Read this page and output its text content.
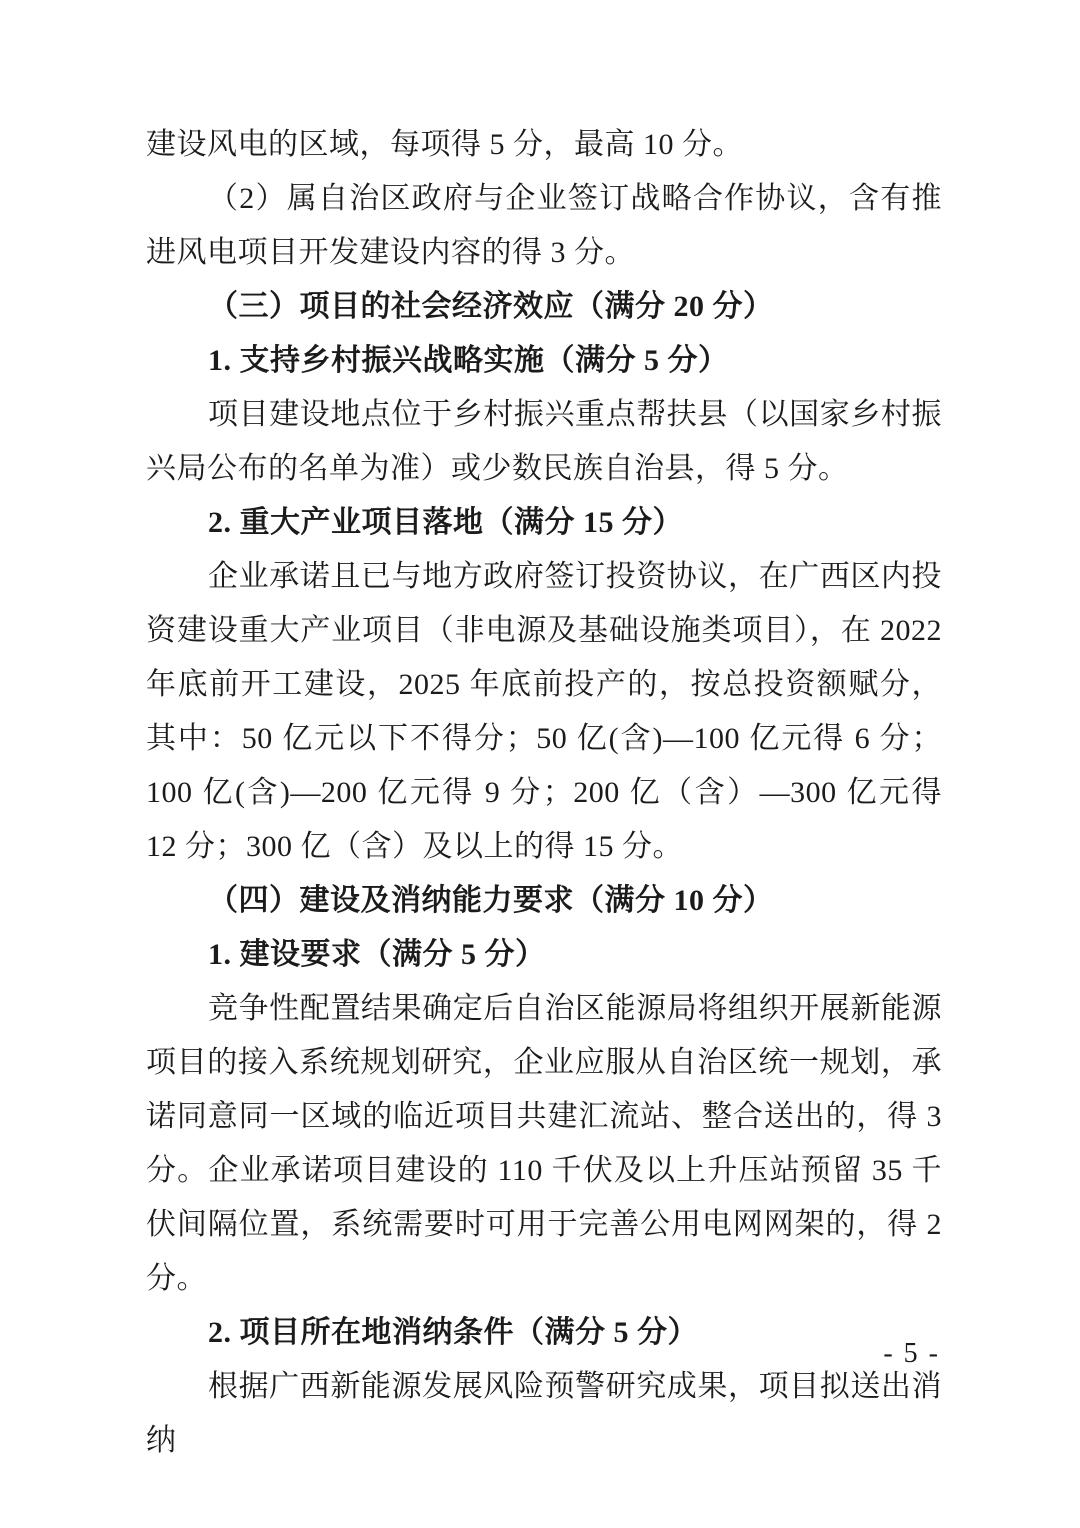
建设风电的区域，每项得 5 分，最高 10 分。

（2）属自治区政府与企业签订战略合作协议，含有推进风电项目开发建设内容的得 3 分。

（三）项目的社会经济效应（满分 20 分）

1. 支持乡村振兴战略实施（满分 5 分）

项目建设地点位于乡村振兴重点帮扶县（以国家乡村振兴局公布的名单为准）或少数民族自治县，得 5 分。

2. 重大产业项目落地（满分 15 分）

企业承诺且已与地方政府签订投资协议，在广西区内投资建设重大产业项目（非电源及基础设施类项目），在 2022 年底前开工建设，2025 年底前投产的，按总投资额赋分，其中：50 亿元以下不得分；50 亿(含)—100 亿元得 6 分；100 亿(含)—200 亿元得 9 分；200 亿（含）—300 亿元得 12 分；300 亿（含）及以上的得 15 分。

（四）建设及消纳能力要求（满分 10 分）

1. 建设要求（满分 5 分）

竞争性配置结果确定后自治区能源局将组织开展新能源项目的接入系统规划研究，企业应服从自治区统一规划，承诺同意同一区域的临近项目共建汇流站、整合送出的，得 3 分。企业承诺项目建设的 110 千伏及以上升压站预留 35 千伏间隔位置，系统需要时可用于完善公用电网网架的，得 2 分。

2. 项目所在地消纳条件（满分 5 分）

根据广西新能源发展风险预警研究成果，项目拟送出消纳

- 5 -
